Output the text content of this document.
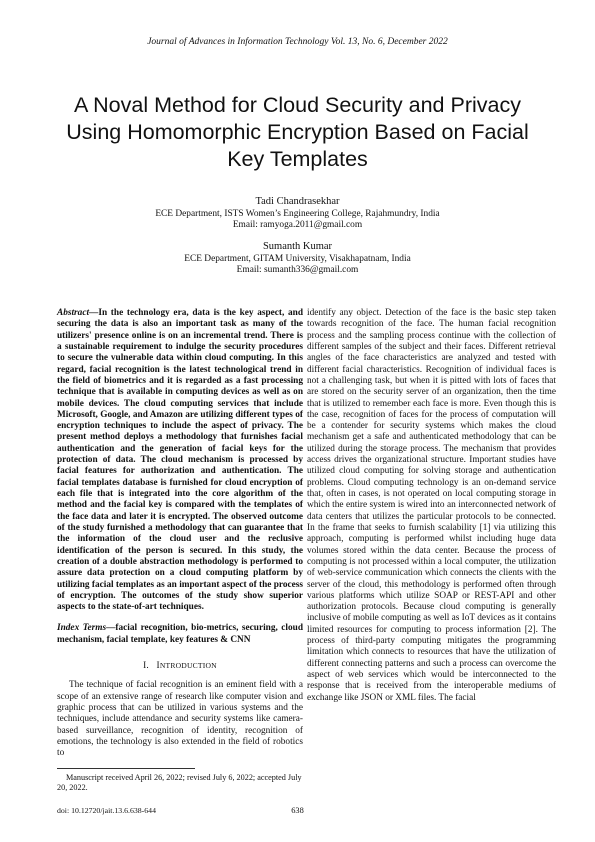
Journal of Advances in Information Technology Vol. 13, No. 6, December 2022
A Noval Method for Cloud Security and Privacy Using Homomorphic Encryption Based on Facial Key Templates
Tadi Chandrasekhar
ECE Department, ISTS Women’s Engineering College, Rajahmundry, India
Email: ramyoga.2011@gmail.com
Sumanth Kumar
ECE Department, GITAM University, Visakhapatnam, India
Email: sumanth336@gmail.com

Abstract—In the technology era, data is the key aspect, and securing the data is also an important task as many of the utilizers' presence online is on an incremental trend. There is a sustainable requirement to indulge the security procedures to secure the vulnerable data within cloud computing. In this regard, facial recognition is the latest technological trend in the field of biometrics and it is regarded as a fast processing technique that is available in computing devices as well as on mobile devices. The cloud computing services that include Microsoft, Google, and Amazon are utilizing different types of encryption techniques to include the aspect of privacy. The present method deploys a methodology that furnishes facial authentication and the generation of facial keys for the protection of data. The cloud mechanism is processed by facial features for authorization and authentication. The facial templates database is furnished for cloud encryption of each file that is integrated into the core algorithm of the method and the facial key is compared with the templates of the face data and later it is encrypted. The observed outcome of the study furnished a methodology that can guarantee that the information of the cloud user and the reclusive identification of the person is secured. In this study, the creation of a double abstraction methodology is performed to assure data protection on a cloud computing platform by utilizing facial templates as an important aspect of the process of encryption. The outcomes of the study show superior aspects to the state-of-art techniques.

Index Terms—facial recognition, bio-metrics, securing, cloud mechanism, facial template, key features & CNN

I. INTRODUCTION

The technique of facial recognition is an eminent field with a scope of an extensive range of research like computer vision and graphic process that can be utilized in various systems and the techniques, include attendance and security systems like camera-based surveillance, recognition of identity, recognition of emotions, the technology is also extended in the field of robotics to

identify any object. Detection of the face is the basic step taken towards recognition of the face. The human facial recognition process and the sampling process continue with the collection of different samples of the subject and their faces. Different retrieval angles of the face characteristics are analyzed and tested with different facial characteristics. Recognition of individual faces is not a challenging task, but when it is pitted with lots of faces that are stored on the security server of an organization, then the time that is utilized to remember each face is more. Even though this is the case, recognition of faces for the process of computation will be a contender for security systems which makes the cloud mechanism get a safe and authenticated methodology that can be utilized during the storage process. The mechanism that provides access drives the organizational structure. Important studies have utilized cloud computing for solving storage and authentication problems. Cloud computing technology is an on-demand service that, often in cases, is not operated on local computing storage in which the entire system is wired into an interconnected network of data centers that utilizes the particular protocols to be connected. In the frame that seeks to furnish scalability [1] via utilizing this approach, computing is performed whilst including huge data volumes stored within the data center. Because the process of computing is not processed within a local computer, the utilization of web-service communication which connects the clients with the server of the cloud, this methodology is performed often through various platforms which utilize SOAP or REST-API and other authorization protocols. Because cloud computing is generally inclusive of mobile computing as well as IoT devices as it contains limited resources for computing to process information [2]. The process of third-party computing mitigates the programming limitation which connects to resources that have the utilization of different connecting patterns and such a process can overcome the aspect of web services which would be interconnected to the response that is received from the interoperable mediums of exchange like JSON or XML files. The facial

Manuscript received April 26, 2022; revised July 6, 2022; accepted July 20, 2022.
doi: 10.12720/jait.13.6.638-644	638
